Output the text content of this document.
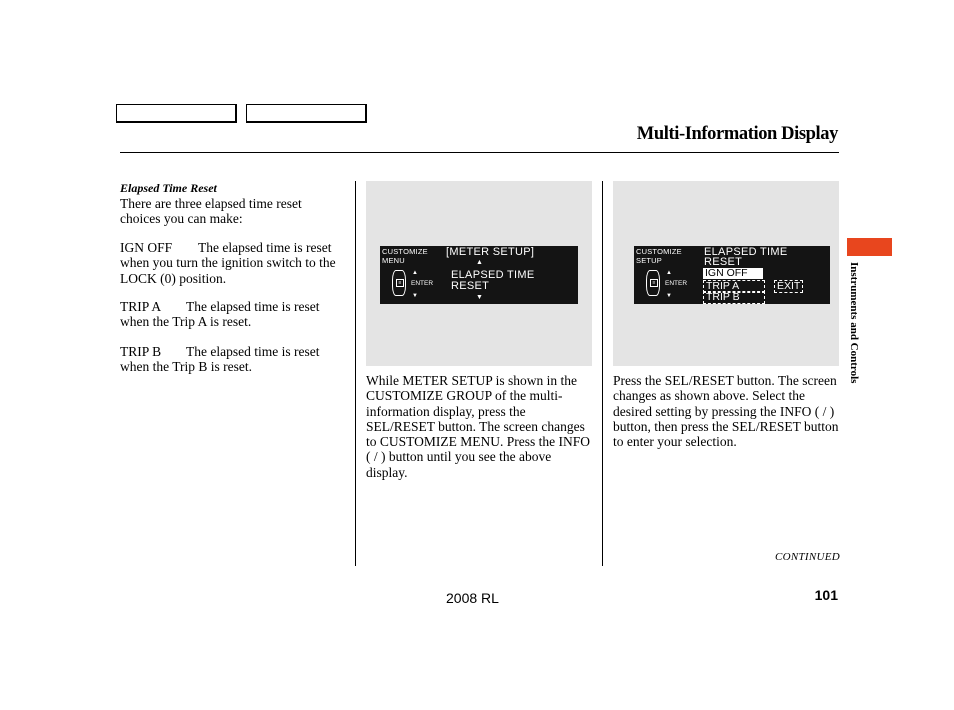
Multi-Information Display
Instruments and Controls
Elapsed Time Reset
There are three elapsed time reset choices you can make:
IGN OFF The elapsed time is reset when you turn the ignition switch to the LOCK (0) position.
TRIP A The elapsed time is reset when the Trip A is reset.
TRIP B The elapsed time is reset when the Trip B is reset.
CUSTOMIZE
MENU
≡
▲
ENTER
▼
[METER SETUP]
▲
ELAPSED TIME
RESET
▼
While METER SETUP is shown in the CUSTOMIZE GROUP of the multi-information display, press the SEL/RESET button. The screen changes to CUSTOMIZE MENU. Press the INFO ( / ) button until you see the above display.
CUSTOMIZE
SETUP
≡
▲
ENTER
▼
ELAPSED TIME
RESET
IGN OFF
TRIP A
TRIP B
EXIT
Press the SEL/RESET button. The screen changes as shown above. Select the desired setting by pressing the INFO ( / ) button, then press the SEL/RESET button to enter your selection.
CONTINUED
2008 RL	101
